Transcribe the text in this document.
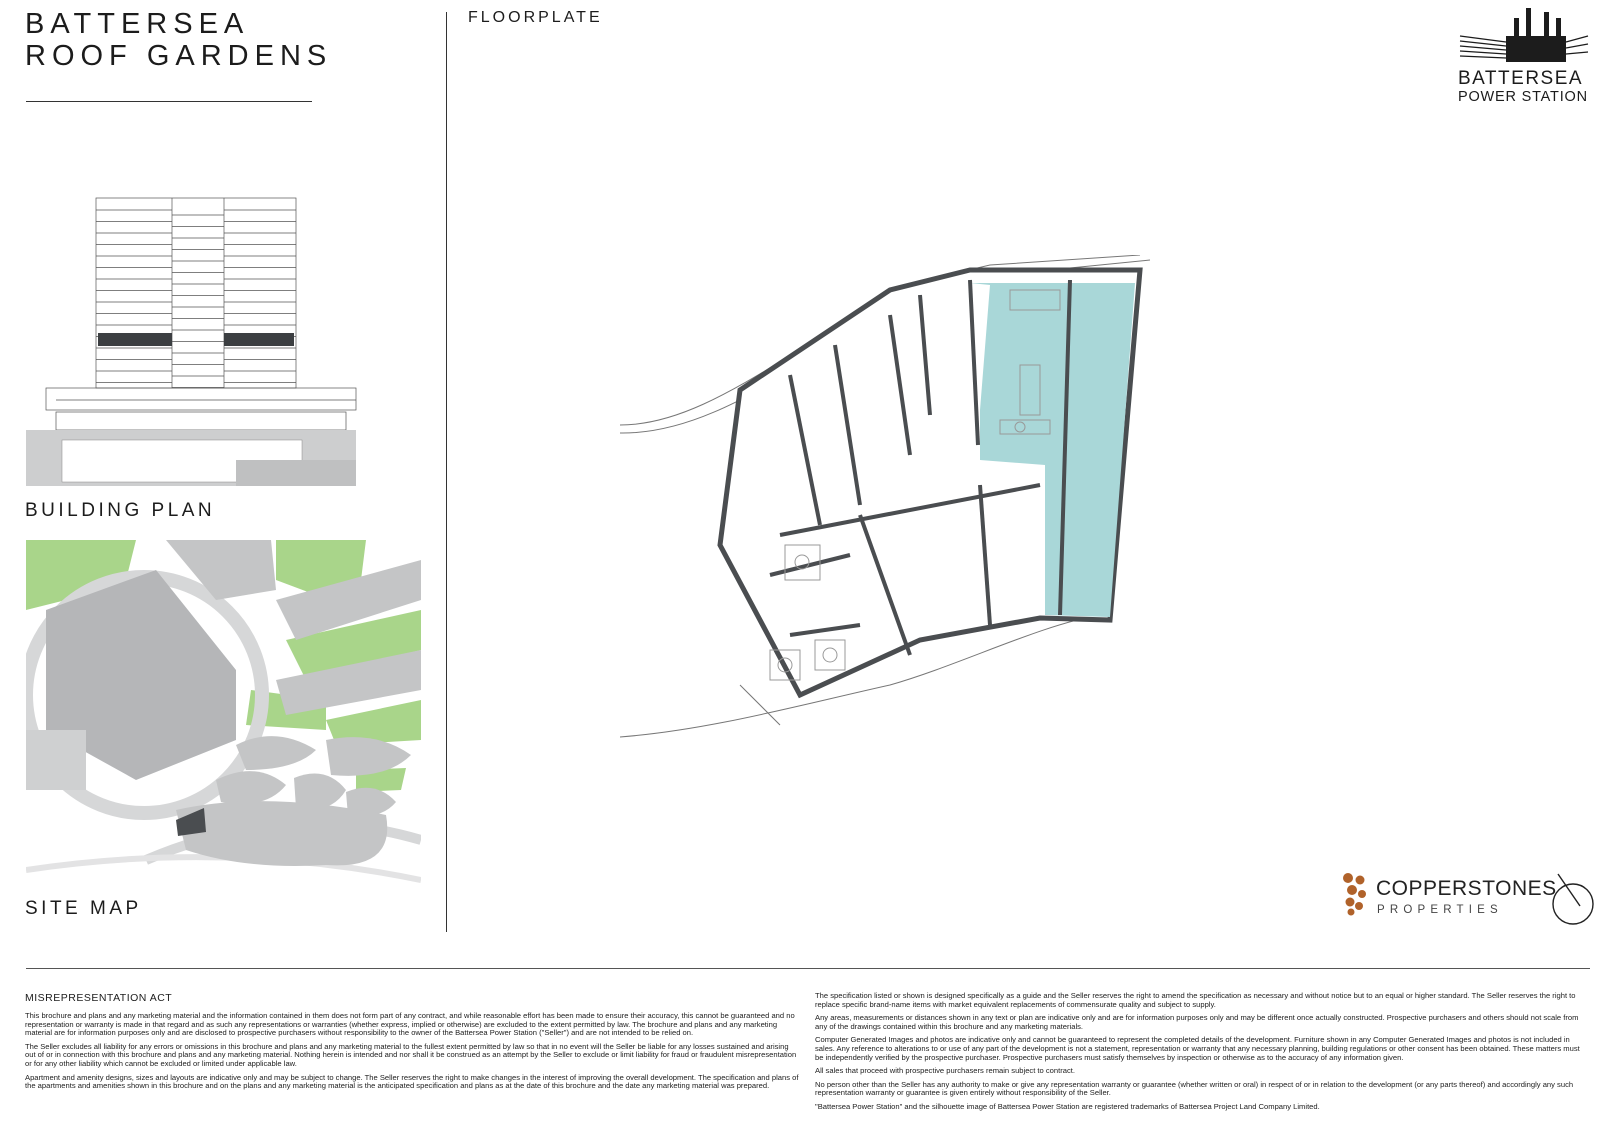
BATTERSEA
ROOF GARDENS
FLOORPLATE
BUILDING PLAN
SITE MAP
BATTERSEA
POWER STATION
COPPERSTONES
PROPERTIES
MISREPRESENTATION ACT

This brochure and plans and any marketing material and the information contained in them does not form part of any contract, and while reasonable effort has been made to ensure their accuracy, this cannot be guaranteed and no representation or warranty is made in that regard and as such any representations or warranties (whether express, implied or otherwise) are excluded to the extent permitted by law. The brochure and plans and any marketing material are for information purposes only and are disclosed to prospective purchasers without responsibility to the owner of the Battersea Power Station ("Seller") and are not intended to be relied on.

The Seller excludes all liability for any errors or omissions in this brochure and plans and any marketing material to the fullest extent permitted by law so that in no event will the Seller be liable for any losses sustained and arising out of or in connection with this brochure and plans and any marketing material. Nothing herein is intended and nor shall it be construed as an attempt by the Seller to exclude or limit liability for fraud or fraudulent misrepresentation or for any other liability which cannot be excluded or limited under applicable law.

Apartment and amenity designs, sizes and layouts are indicative only and may be subject to change. The Seller reserves the right to make changes in the interest of improving the overall development. The specification and plans of the apartments and amenities shown in this brochure and on the plans and any marketing material is the anticipated specification and plans as at the date of this brochure and the date any marketing material was prepared.

The specification listed or shown is designed specifically as a guide and the Seller reserves the right to amend the specification as necessary and without notice but to an equal or higher standard. The Seller reserves the right to replace specific brand-name items with market equivalent replacements of commensurate quality and subject to supply.

Any areas, measurements or distances shown in any text or plan are indicative only and are for information purposes only and may be different once actually constructed. Prospective purchasers and others should not scale from any of the drawings contained within this brochure and any marketing materials.

Computer Generated Images and photos are indicative only and cannot be guaranteed to represent the completed details of the development. Furniture shown in any Computer Generated Images and photos is not included in sales. Any reference to alterations to or use of any part of the development is not a statement, representation or warranty that any necessary planning, building regulations or other consent has been obtained. These matters must be independently verified by the prospective purchaser. Prospective purchasers must satisfy themselves by inspection or otherwise as to the accuracy of any information given.

All sales that proceed with prospective purchasers remain subject to contract.

No person other than the Seller has any authority to make or give any representation warranty or guarantee (whether written or oral) in respect of or in relation to the development (or any parts thereof) and accordingly any such representation warranty or guarantee is given entirely without responsibility of the Seller.

"Battersea Power Station" and the silhouette image of Battersea Power Station are registered trademarks of Battersea Project Land Company Limited.
